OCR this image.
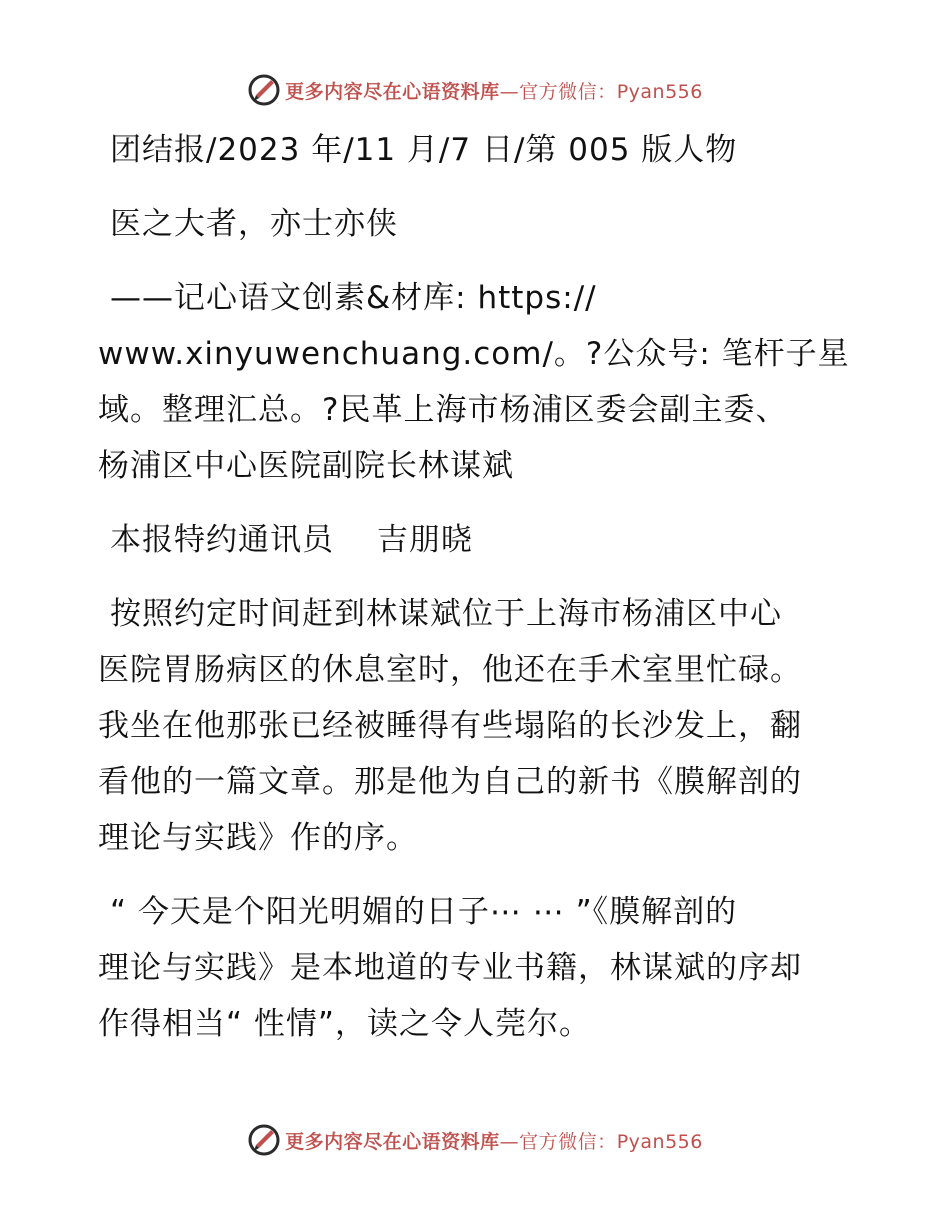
更多内容尽在心语资料库—官方微信：Pyan556
团结报/2023 年/11 月/7 日/第 005 版人物
医之大者，亦士亦侠
——记心语文创素&材库: https://
www.xinyuwenchuang.com/。?公众号: 笔杆子星
域。整理汇总。?民革上海市杨浦区委会副主委、
杨浦区中心医院副院长林谋斌
本报特约通讯员　 吉朋晓
按照约定时间赶到林谋斌位于上海市杨浦区中心
医院胃肠病区的休息室时，他还在手术室里忙碌。
我坐在他那张已经被睡得有些塌陷的长沙发上，翻
看他的一篇文章。那是他为自己的新书《膜解剖的
理论与实践》作的序。
“ 今天是个阳光明媚的日子⋯ ⋯ ”《膜解剖的
理论与实践》是本地道的专业书籍，林谋斌的序却
作得相当“ 性情”，读之令人莞尔。
更多内容尽在心语资料库—官方微信：Pyan556
